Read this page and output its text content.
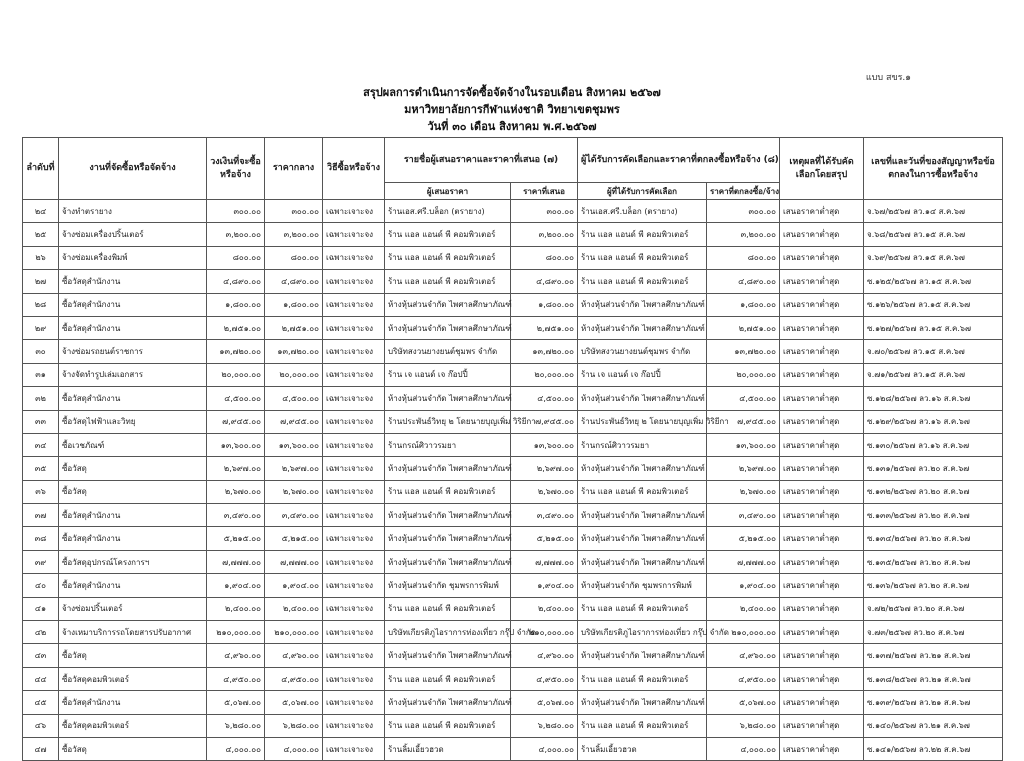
แบบ สขร.๑
สรุปผลการดำเนินการจัดซื้อจัดจ้างในรอบเดือน สิงหาคม ๒๕๖๗
มหาวิทยาลัยการกีฬาแห่งชาติ วิทยาเขตชุมพร
วันที่ ๓๐ เดือน สิงหาคม พ.ศ.๒๕๖๗
ลำดับที่	งานที่จัดซื้อหรือจัดจ้าง	วงเงินที่จะซื้อหรือจ้าง	ราคากลาง	วิธีซื้อหรือจ้าง	รายชื่อผู้เสนอราคาและราคาที่เสนอ (๗)		ผู้ได้รับการคัดเลือกและราคาที่ตกลงซื้อหรือจ้าง (๘)		เหตุผลที่ได้รับคัดเลือกโดยสรุป	เลขที่และวันที่ของสัญญาหรือข้อตกลงในการซื้อหรือจ้าง
					ผู้เสนอราคา	ราคาที่เสนอ	ผู้ที่ได้รับการคัดเลือก	ราคาที่ตกลงซื้อ/จ้าง		
๒๔	จ้างทำตรายาง	๓๐๐.๐๐	๓๐๐.๐๐	เฉพาะเจาะจง	ร้านเอส.ศรี.บล็อก (ตรายาง)	๓๐๐.๐๐	ร้านเอส.ศรี.บล็อก (ตรายาง)	๓๐๐.๐๐	เสนอราคาต่ำสุด	จ.๖๗/๒๕๖๗ ลว.๑๔ ส.ค.๖๗
๒๕	จ้างซ่อมเครื่องปริ้นเตอร์	๓,๒๐๐.๐๐	๓,๒๐๐.๐๐	เฉพาะเจาะจง	ร้าน แอล แอนด์ พี คอมพิวเตอร์	๓,๒๐๐.๐๐	ร้าน แอล แอนด์ พี คอมพิวเตอร์	๓,๒๐๐.๐๐	เสนอราคาต่ำสุด	จ.๖๘/๒๕๖๗ ลว.๑๕ ส.ค.๖๗
๒๖	จ้างซ่อมเครื่องพิมพ์	๘๐๐.๐๐	๘๐๐.๐๐	เฉพาะเจาะจง	ร้าน แอล แอนด์ พี คอมพิวเตอร์	๘๐๐.๐๐	ร้าน แอล แอนด์ พี คอมพิวเตอร์	๘๐๐.๐๐	เสนอราคาต่ำสุด	จ.๖๙/๒๕๖๗ ลว.๑๕ ส.ค.๖๗
๒๗	ซื้อวัสดุสำนักงาน	๔,๘๙๐.๐๐	๔,๘๙๐.๐๐	เฉพาะเจาะจง	ร้าน แอล แอนด์ พี คอมพิวเตอร์	๔,๘๙๐.๐๐	ร้าน แอล แอนด์ พี คอมพิวเตอร์	๔,๘๙๐.๐๐	เสนอราคาต่ำสุด	ซ.๑๒๕/๒๕๖๗ ลว.๑๕ ส.ค.๖๗
๒๘	ซื้อวัสดุสำนักงาน	๑,๘๐๐.๐๐	๑,๘๐๐.๐๐	เฉพาะเจาะจง	ห้างหุ้นส่วนจำกัด ไพศาลศึกษาภัณฑ์	๑,๘๐๐.๐๐	ห้างหุ้นส่วนจำกัด ไพศาลศึกษาภัณฑ์	๑,๘๐๐.๐๐	เสนอราคาต่ำสุด	ซ.๑๒๖/๒๕๖๗ ลว.๑๕ ส.ค.๖๗
๒๙	ซื้อวัสดุสำนักงาน	๒,๗๕๑.๐๐	๒,๗๕๑.๐๐	เฉพาะเจาะจง	ห้างหุ้นส่วนจำกัด ไพศาลศึกษาภัณฑ์	๒,๗๕๑.๐๐	ห้างหุ้นส่วนจำกัด ไพศาลศึกษาภัณฑ์	๒,๗๕๑.๐๐	เสนอราคาต่ำสุด	ซ.๑๒๗/๒๕๖๗ ลว.๑๕ ส.ค.๖๗
๓๐	จ้างซ่อมรถยนต์ราชการ	๑๓,๗๒๐.๐๐	๑๓,๗๒๐.๐๐	เฉพาะเจาะจง	บริษัทสงวนยางยนต์ชุมพร จำกัด	๑๓,๗๒๐.๐๐	บริษัทสงวนยางยนต์ชุมพร จำกัด	๑๓,๗๒๐.๐๐	เสนอราคาต่ำสุด	จ.๗๐/๒๕๖๗ ลว.๑๕ ส.ค.๖๗
๓๑	จ้างจัดทำรูปเล่มเอกสาร	๒๐,๐๐๐.๐๐	๒๐,๐๐๐.๐๐	เฉพาะเจาะจง	ร้าน เจ แอนด์ เจ ก๊อปปี้	๒๐,๐๐๐.๐๐	ร้าน เจ แอนด์ เจ ก๊อปปี้	๒๐,๐๐๐.๐๐	เสนอราคาต่ำสุด	จ.๗๑/๒๕๖๗ ลว.๑๕ ส.ค.๖๗
๓๒	ซื้อวัสดุสำนักงาน	๔,๕๐๐.๐๐	๔,๕๐๐.๐๐	เฉพาะเจาะจง	ห้างหุ้นส่วนจำกัด ไพศาลศึกษาภัณฑ์	๔,๕๐๐.๐๐	ห้างหุ้นส่วนจำกัด ไพศาลศึกษาภัณฑ์	๔,๕๐๐.๐๐	เสนอราคาต่ำสุด	ซ.๑๒๘/๒๕๖๗ ลว.๑๖ ส.ค.๖๗
๓๓	ซื้อวัสดุไฟฟ้าและวิทยุ	๗,๙๔๕.๐๐	๗,๙๔๕.๐๐	เฉพาะเจาะจง	ร้านประพันธ์วิทยุ ๒ โดยนายบุญเพิ่ม วิริยีกา	๗,๙๔๕.๐๐	ร้านประพันธ์วิทยุ ๒ โดยนายบุญเพิ่ม วิริยีกา	๗,๙๔๕.๐๐	เสนอราคาต่ำสุด	ซ.๑๒๙/๒๕๖๗ ลว.๑๖ ส.ค.๖๗
๓๔	ซื้อเวชภัณฑ์	๑๓,๖๐๐.๐๐	๑๓,๖๐๐.๐๐	เฉพาะเจาะจง	ร้านกรณ์ศิวาวรมยา	๑๓,๖๐๐.๐๐	ร้านกรณ์ศิวาวรมยา	๑๓,๖๐๐.๐๐	เสนอราคาต่ำสุด	ซ.๑๓๐/๒๕๖๗ ลว.๑๖ ส.ค.๖๗
๓๕	ซื้อวัสดุ	๒,๖๙๗.๐๐	๒,๖๙๗.๐๐	เฉพาะเจาะจง	ห้างหุ้นส่วนจำกัด ไพศาลศึกษาภัณฑ์	๒,๖๙๗.๐๐	ห้างหุ้นส่วนจำกัด ไพศาลศึกษาภัณฑ์	๒,๖๙๗.๐๐	เสนอราคาต่ำสุด	ซ.๑๓๑/๒๕๖๗ ลว.๒๐ ส.ค.๖๗
๓๖	ซื้อวัสดุ	๒,๖๗๐.๐๐	๒,๖๗๐.๐๐	เฉพาะเจาะจง	ร้าน แอล แอนด์ พี คอมพิวเตอร์	๒,๖๗๐.๐๐	ร้าน แอล แอนด์ พี คอมพิวเตอร์	๒,๖๗๐.๐๐	เสนอราคาต่ำสุด	ซ.๑๓๒/๒๕๖๗ ลว.๒๐ ส.ค.๖๗
๓๗	ซื้อวัสดุสำนักงาน	๓,๔๙๐.๐๐	๓,๔๙๐.๐๐	เฉพาะเจาะจง	ห้างหุ้นส่วนจำกัด ไพศาลศึกษาภัณฑ์	๓,๔๙๐.๐๐	ห้างหุ้นส่วนจำกัด ไพศาลศึกษาภัณฑ์	๓,๔๙๐.๐๐	เสนอราคาต่ำสุด	ซ.๑๓๓/๒๕๖๗ ลว.๒๐ ส.ค.๖๗
๓๘	ซื้อวัสดุสำนักงาน	๕,๒๑๕.๐๐	๕,๒๑๕.๐๐	เฉพาะเจาะจง	ห้างหุ้นส่วนจำกัด ไพศาลศึกษาภัณฑ์	๕,๒๑๕.๐๐	ห้างหุ้นส่วนจำกัด ไพศาลศึกษาภัณฑ์	๕,๒๑๕.๐๐	เสนอราคาต่ำสุด	ซ.๑๓๔/๒๕๖๗ ลว.๒๐ ส.ค.๖๗
๓๙	ซื้อวัสดุอุปกรณ์โครงการฯ	๗,๗๗๗.๐๐	๗,๗๗๗.๐๐	เฉพาะเจาะจง	ห้างหุ้นส่วนจำกัด ไพศาลศึกษาภัณฑ์	๗,๗๗๗.๐๐	ห้างหุ้นส่วนจำกัด ไพศาลศึกษาภัณฑ์	๗,๗๗๗.๐๐	เสนอราคาต่ำสุด	ซ.๑๓๕/๒๕๖๗ ลว.๒๐ ส.ค.๖๗
๔๐	ซื้อวัสดุสำนักงาน	๑,๙๐๔.๐๐	๑,๙๐๔.๐๐	เฉพาะเจาะจง	ห้างหุ้นส่วนจำกัด ชุมพรการพิมพ์	๑,๙๐๔.๐๐	ห้างหุ้นส่วนจำกัด ชุมพรการพิมพ์	๑,๙๐๔.๐๐	เสนอราคาต่ำสุด	ซ.๑๓๖/๒๕๖๗ ลว.๒๐ ส.ค.๖๗
๔๑	จ้างซ่อมปริ้นเตอร์	๒,๔๐๐.๐๐	๒,๔๐๐.๐๐	เฉพาะเจาะจง	ร้าน แอล แอนด์ พี คอมพิวเตอร์	๒,๔๐๐.๐๐	ร้าน แอล แอนด์ พี คอมพิวเตอร์	๒,๔๐๐.๐๐	เสนอราคาต่ำสุด	จ.๗๒/๒๕๖๗ ลว.๒๐ ส.ค.๖๗
๔๒	จ้างเหมาบริการรถโดยสารปรับอากาศ	๒๑๐,๐๐๐.๐๐	๒๑๐,๐๐๐.๐๐	เฉพาะเจาะจง	บริษัทเกียรติภูไอราการท่องเที่ยว กรุ๊ป จำกัด	๒๑๐,๐๐๐.๐๐	บริษัทเกียรติภูไอราการท่องเที่ยว กรุ๊ป จำกัด	๒๑๐,๐๐๐.๐๐	เสนอราคาต่ำสุด	จ.๗๓/๒๕๖๗ ลว.๒๐ ส.ค.๖๗
๔๓	ซื้อวัสดุ	๔,๙๖๐.๐๐	๔,๙๖๐.๐๐	เฉพาะเจาะจง	ห้างหุ้นส่วนจำกัด ไพศาลศึกษาภัณฑ์	๔,๙๖๐.๐๐	ห้างหุ้นส่วนจำกัด ไพศาลศึกษาภัณฑ์	๔,๙๖๐.๐๐	เสนอราคาต่ำสุด	ซ.๑๓๗/๒๕๖๗ ลว.๒๑ ส.ค.๖๗
๔๔	ซื้อวัสดุคอมพิวเตอร์	๔,๙๕๐.๐๐	๔,๙๕๐.๐๐	เฉพาะเจาะจง	ร้าน แอล แอนด์ พี คอมพิวเตอร์	๔,๙๕๐.๐๐	ร้าน แอล แอนด์ พี คอมพิวเตอร์	๔,๙๕๐.๐๐	เสนอราคาต่ำสุด	ซ.๑๓๘/๒๕๖๗ ลว.๒๑ ส.ค.๖๗
๔๕	ซื้อวัสดุสำนักงาน	๕,๐๖๗.๐๐	๕,๐๖๗.๐๐	เฉพาะเจาะจง	ห้างหุ้นส่วนจำกัด ไพศาลศึกษาภัณฑ์	๕,๐๖๗.๐๐	ห้างหุ้นส่วนจำกัด ไพศาลศึกษาภัณฑ์	๕,๐๖๗.๐๐	เสนอราคาต่ำสุด	ซ.๑๓๙/๒๕๖๗ ลว.๒๑ ส.ค.๖๗
๔๖	ซื้อวัสดุคอมพิวเตอร์	๖,๒๘๐.๐๐	๖,๒๘๐.๐๐	เฉพาะเจาะจง	ร้าน แอล แอนด์ พี คอมพิวเตอร์	๖,๒๘๐.๐๐	ร้าน แอล แอนด์ พี คอมพิวเตอร์	๖,๒๘๐.๐๐	เสนอราคาต่ำสุด	ซ.๑๔๐/๒๕๖๗ ลว.๒๑ ส.ค.๖๗
๔๗	ซื้อวัสดุ	๔,๐๐๐.๐๐	๔,๐๐๐.๐๐	เฉพาะเจาะจง	ร้านลิ้มเอี้ยวฮวด	๔,๐๐๐.๐๐	ร้านลิ้มเอี้ยวฮวด	๔,๐๐๐.๐๐	เสนอราคาต่ำสุด	ซ.๑๔๑/๒๕๖๗ ลว.๒๒ ส.ค.๖๗
